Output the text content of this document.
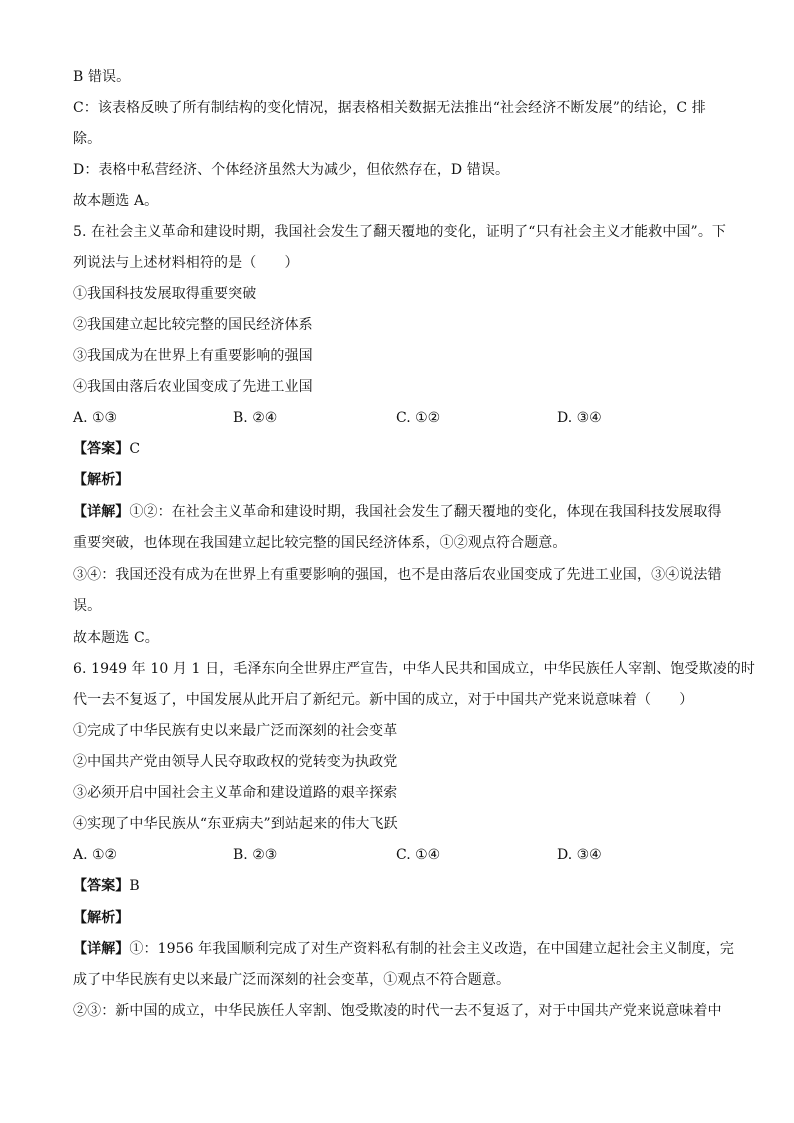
B 错误。
C：该表格反映了所有制结构的变化情况，据表格相关数据无法推出“社会经济不断发展”的结论，C 排
除。
D：表格中私营经济、个体经济虽然大为减少，但依然存在，D 错误。
故本题选 A。
5. 在社会主义革命和建设时期，我国社会发生了翻天覆地的变化，证明了“只有社会主义才能救中国”。下
列说法与上述材料相符的是（　　）
①我国科技发展取得重要突破
②我国建立起比较完整的国民经济体系
③我国成为在世界上有重要影响的强国
④我国由落后农业国变成了先进工业国
A. ①③	B. ②④	C. ①②	D. ③④
【答案】C
【解析】
【详解】①②：在社会主义革命和建设时期，我国社会发生了翻天覆地的变化，体现在我国科技发展取得
重要突破，也体现在我国建立起比较完整的国民经济体系，①②观点符合题意。
③④：我国还没有成为在世界上有重要影响的强国，也不是由落后农业国变成了先进工业国，③④说法错
误。
故本题选 C。
6. 1949 年 10 月 1 日，毛泽东向全世界庄严宣告，中华人民共和国成立，中华民族任人宰割、饱受欺凌的时
代一去不复返了，中国发展从此开启了新纪元。新中国的成立，对于中国共产党来说意味着（　　）
①完成了中华民族有史以来最广泛而深刻的社会变革
②中国共产党由领导人民夺取政权的党转变为执政党
③必须开启中国社会主义革命和建设道路的艰辛探索
④实现了中华民族从“东亚病夫”到站起来的伟大飞跃
A. ①②	B. ②③	C. ①④	D. ③④
【答案】B
【解析】
【详解】①：1956 年我国顺利完成了对生产资料私有制的社会主义改造，在中国建立起社会主义制度，完
成了中华民族有史以来最广泛而深刻的社会变革，①观点不符合题意。
②③：新中国的成立，中华民族任人宰割、饱受欺凌的时代一去不复返了，对于中国共产党来说意味着中
